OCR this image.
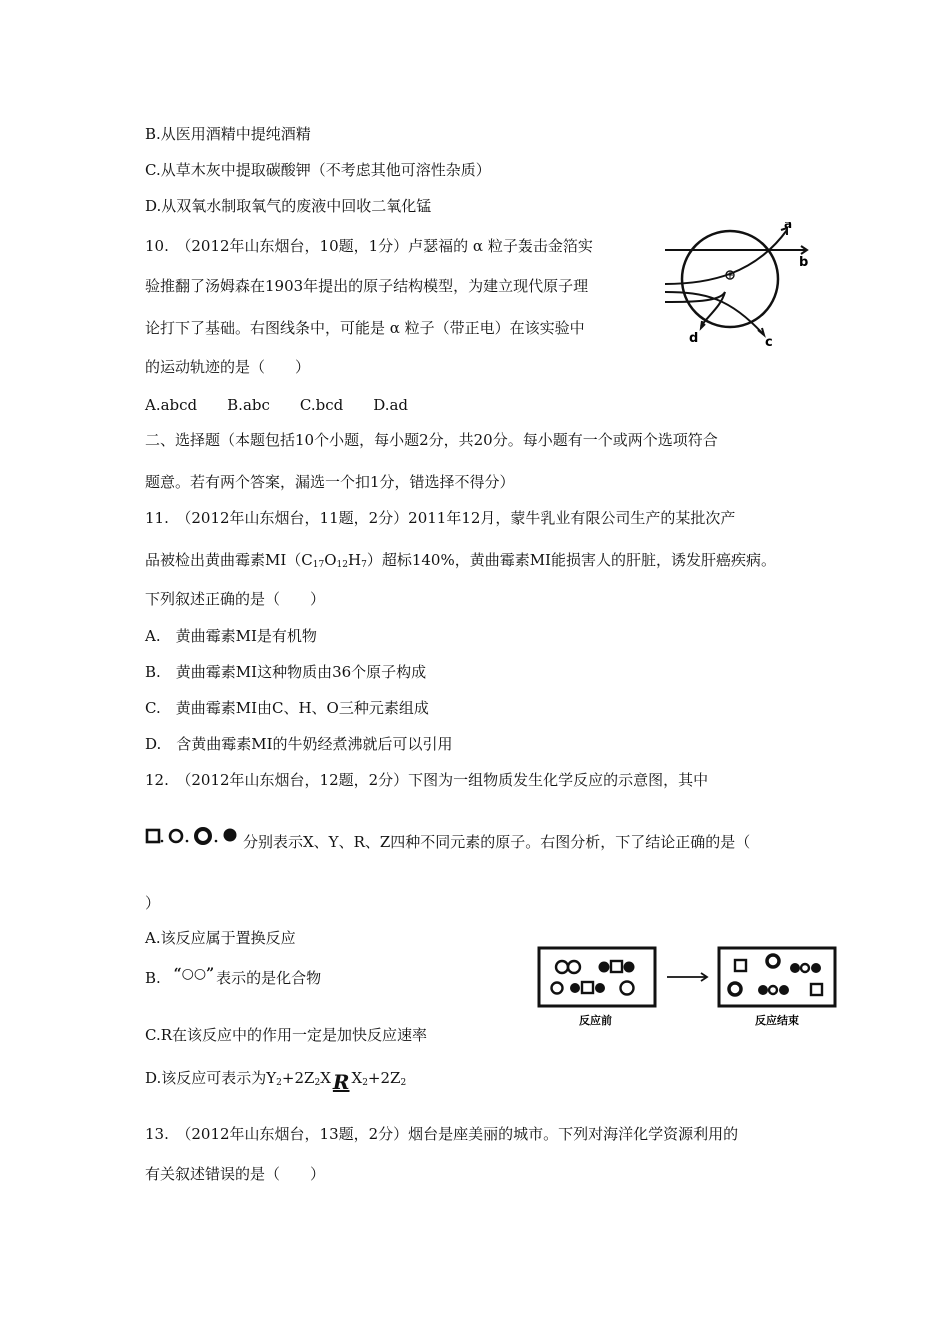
B.从医用酒精中提纯酒精
C.从草木灰中提取碳酸钾（不考虑其他可溶性杂质）
D.从双氧水制取氧气的废液中回收二氧化锰
10.　（2012年山东烟台，10题，1分）卢瑟福的 α 粒子轰击金箔实
验推翻了汤姆森在1903年提出的原子结构模型，为建立现代原子理
论打下了基础。右图线条中，可能是 α 粒子（带正电）在该实验中
的运动轨迹的是（　　）
A.abcd　　B.abc　　C.bcd　　D.ad
二、选择题（本题包括10个小题，每小题2分，共20分。每小题有一个或两个选项符合
题意。若有两个答案，漏选一个扣1分，错选择不得分）
11.　（2012年山东烟台，11题，2分）2011年12月，蒙牛乳业有限公司生产的某批次产
品被检出黄曲霉素$MI(C_{17}O_{12}H_7)$超标140%，黄曲霉素MI能损害人的肝脏，诱发肝癌疾病。
下列叙述正确的是（　　）
A.　黄曲霉素MI是有机物
B.　黄曲霉素MI这种物质由36个原子构成
C.　黄曲霉素MI由C、H、O三种元素组成
D.　含黄曲霉素MI的牛奶经煮沸就后可以引用
12.　（2012年山东烟台，12题，2分）下图为一组物质发生化学反应的示意图，其中
分别表示X、Y、R、Z四种不同元素的原子。右图分析，下了结论正确的是（
）
A.该反应属于置换反应
B. “○○” 表示的是化合物
C.R在该反应中的作用一定是加快反应速率
D.该反应可表示为$Y_2+2Z_2X$ R $X_2+2Z_2$
13.　（2012年山东烟台，13题，2分）烟台是座美丽的城市。下列对海洋化学资源利用的
有关叙述错误的是（　　）
a
b
c
d
反应前	反应结束
